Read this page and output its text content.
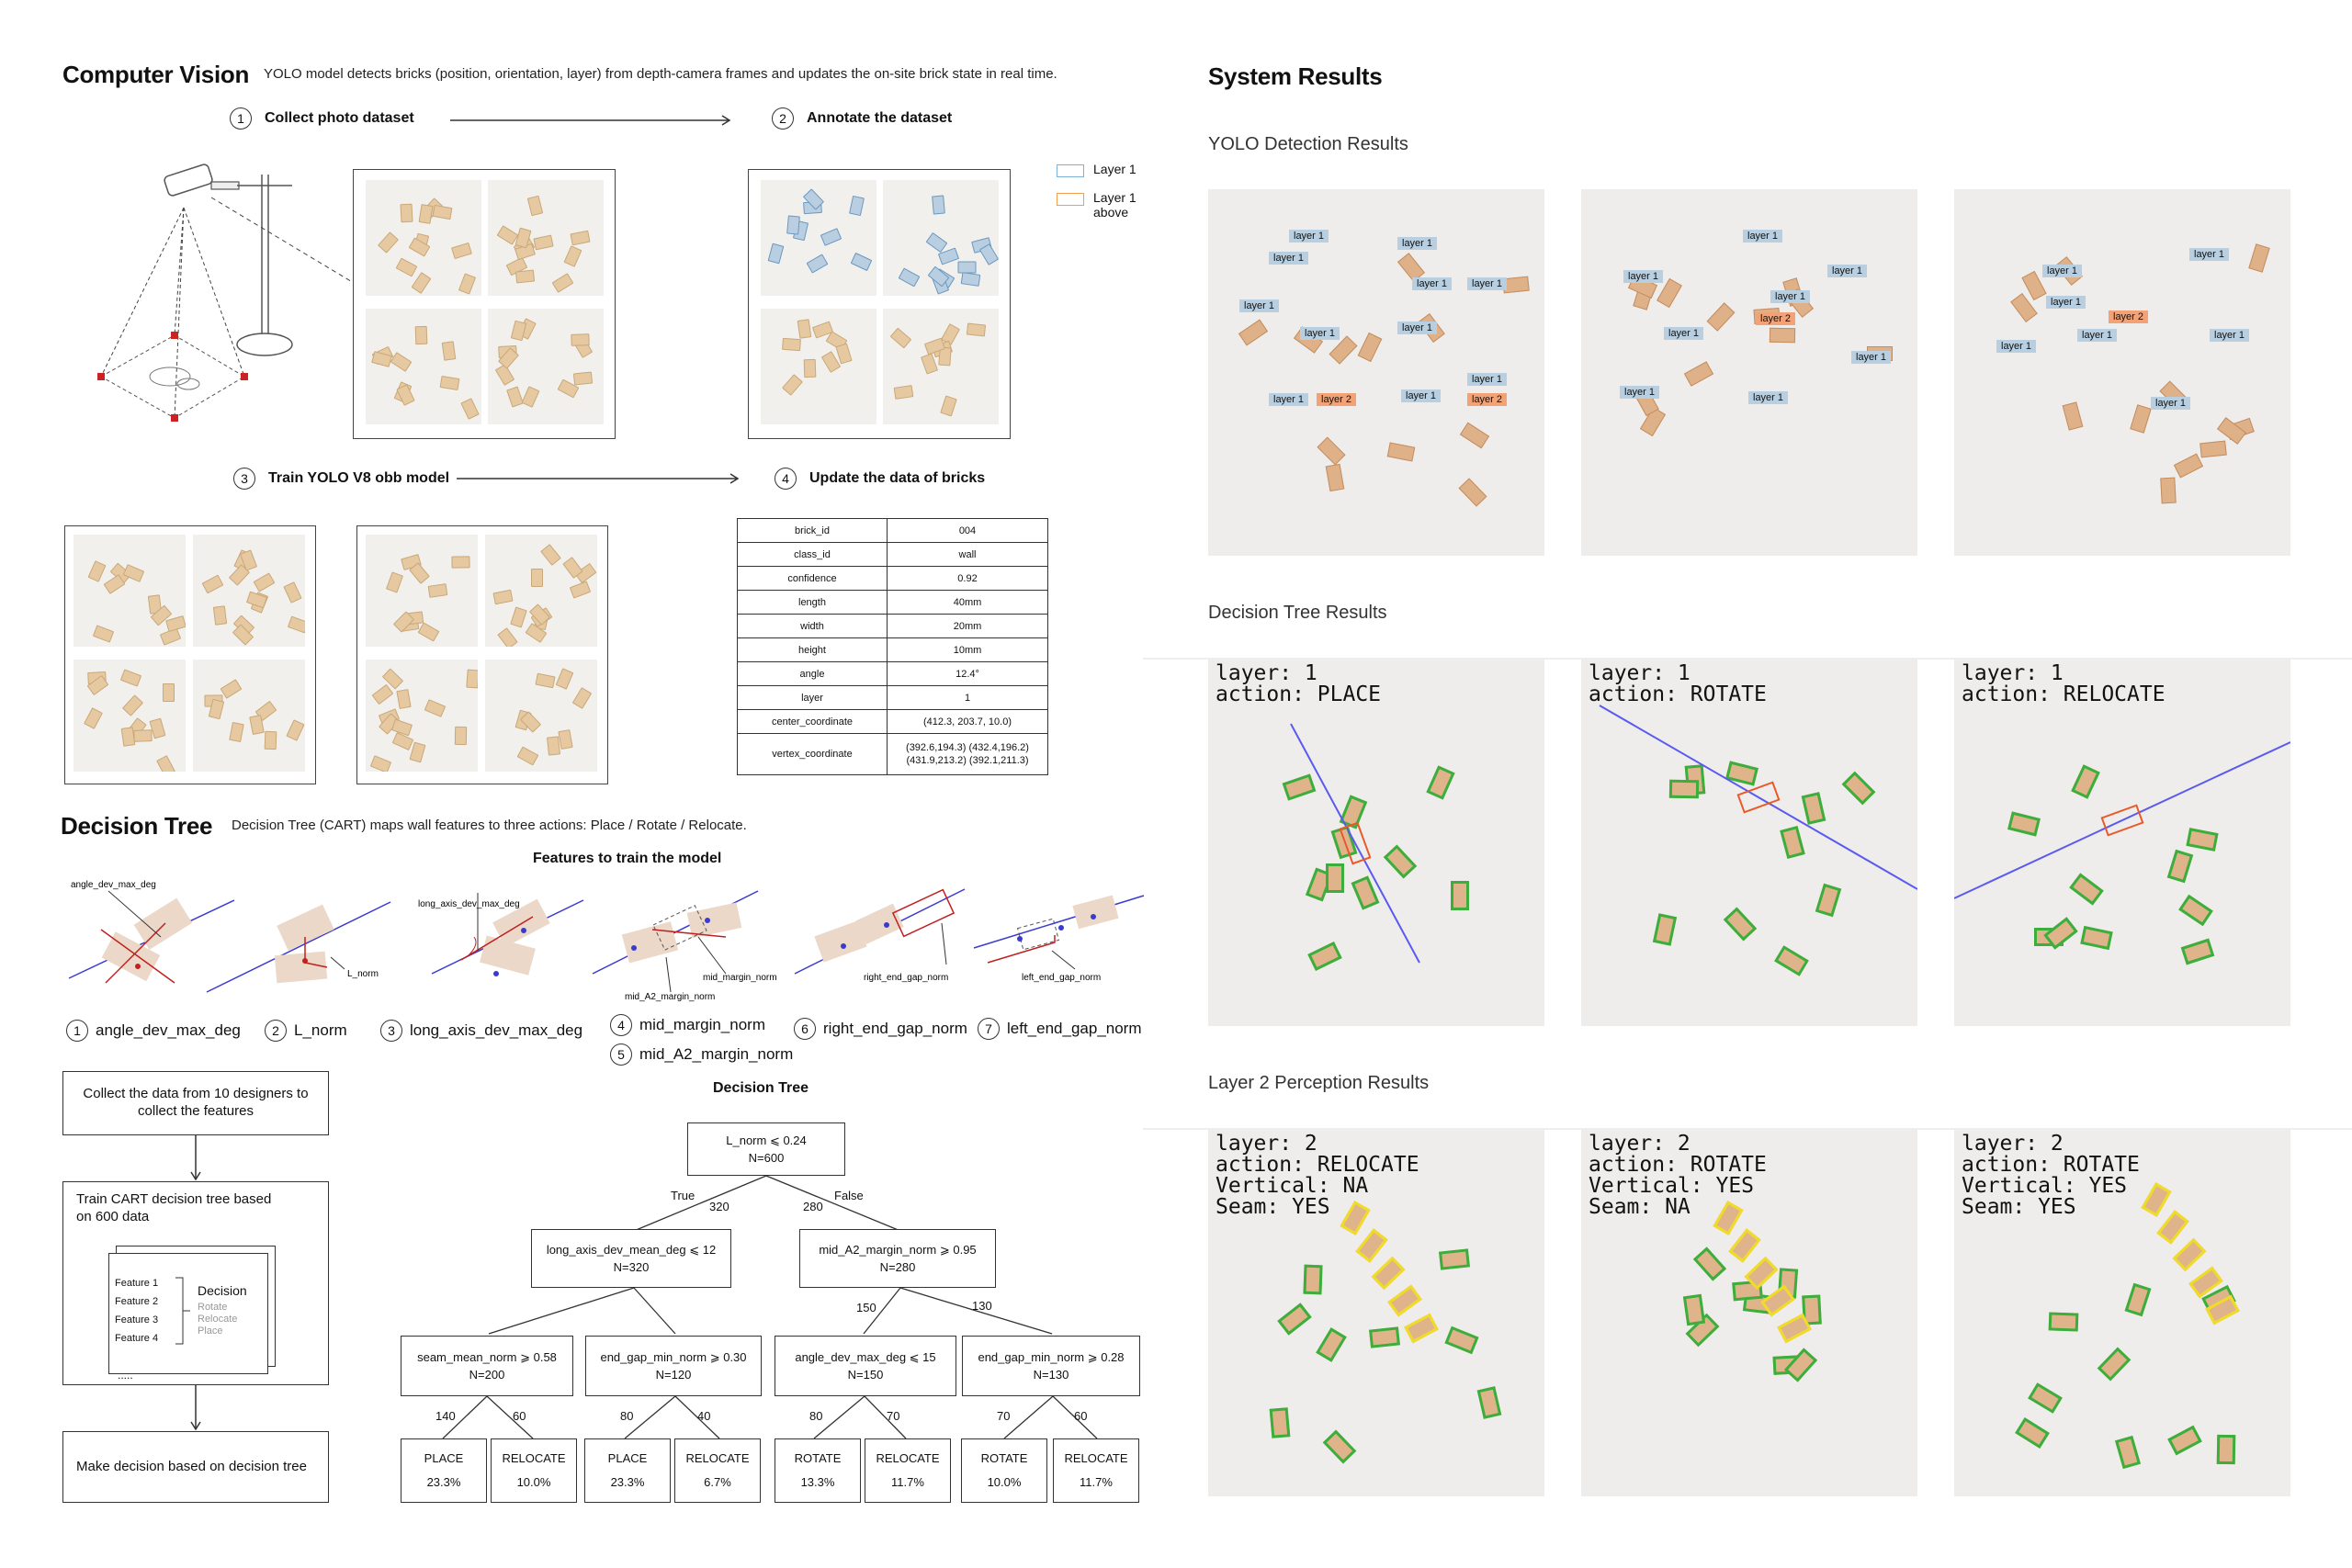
Computer Vision YOLO model detects bricks (position, orientation, layer) from depth-camera frames and updates the on-site brick state in real time.
1	Collect photo dataset	2	Annotate the dataset
Layer 1
Layer 1 above
3	Train YOLO V8 obb model	4	Update the data of bricks
brick_id	004
class_id	wall
confidence	0.92
length	40mm
width	20mm
height	10mm
angle	12.4°
layer	1
center_coordinate	(412.3, 203.7, 10.0)
vertex_coordinate	(392.6,194.3) (432.4,196.2)
(431.9,213.2) (392.1,211.3)
Decision Tree Decision Tree (CART) maps wall features to three actions: Place / Rotate / Relocate.
Features to train the model
angle_dev_max_deg
L_norm
long_axis_dev_max_deg
mid_margin_norm
mid_A2_margin_norm
right_end_gap_norm	left_end_gap_norm
1 angle_dev_max_deg	2 L_norm	3 long_axis_dev_max_deg	4 mid_margin_norm
5 mid_A2_margin_norm
6 right_end_gap_norm	7 left_end_gap_norm
Collect the data from 10 designers to collect the features
Train CART decision tree based on 600 data
Feature 1
Feature 2
Feature 3
Feature 4
Decision
Rotate
Relocate
Place
.....
Make decision based on decision tree
Decision Tree
L_norm ⩽ 0.24
N=600
True
320	280
False
long_axis_dev_mean_deg ⩽ 12
N=320
mid_A2_margin_norm ⩾ 0.95
N=280
150	130
seam_mean_norm ⩾ 0.58
N=200
end_gap_min_norm ⩾ 0.30
N=120
angle_dev_max_deg ⩽ 15
N=150
end_gap_min_norm ⩾ 0.28
N=130
PLACE
23.3%
RELOCATE
10.0%
PLACE
23.3%
RELOCATE
6.7%
ROTATE
13.3%
RELOCATE
11.7%
ROTATE
10.0%
RELOCATE
11.7%
140	60	80	40	80	70	70	60
System Results
YOLO Detection Results
Decision Tree Results
Layer 2 Perception Results
layer 1
layer 1
layer 1
layer 1	layer 1
layer 1
layer 1	layer 1
layer 1	layer 2	layer 1
layer 1
layer 2
layer 1
layer 1	layer 1
layer 1
layer 2
layer 1
layer 1
layer 1	layer 1
layer 1
layer 1
layer 2
layer 1
layer 1
layer 1
layer 1
layer 1
layer: 1
action: PLACE
layer: 1
action: ROTATE
layer: 1
action: RELOCATE
layer: 2
action: RELOCATE
Vertical: NA
Seam: YES
layer: 2
action: ROTATE
Vertical: YES
Seam: NA
layer: 2
action: ROTATE
Vertical: YES
Seam: YES
